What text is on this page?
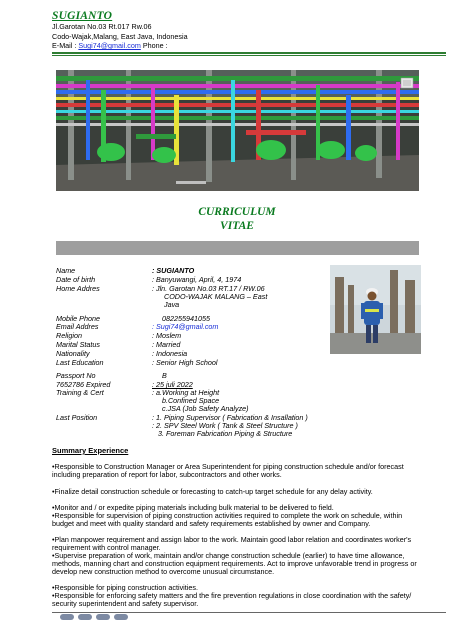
SUGIANTO
Jl.Garotan No.03 Rt.017 Rw.06
Codo-Wajak,Malang, East Java, Indonesia
E-Mail : Sugi74@gmail.com Phone :
CURRICULUM
VITAE
Name	: SUGIANTO
Date of birth	: Banyuwangi, April, 4, 1974
Home Addres	: Jln. Garotan No.03 RT.17 / RW.06
CODO-WAJAK MALANG – East
Java
Mobile Phone	082255941055
Email Addres	: Sugi74@gmail.com
Religion	: Moslem
Marital Status	: Married
Nationality	: Indonesia
Last Education	: Senior High School
Passport No	B
7652786 Expired	: 25 juli 2022
Training & Cert	: a.Working at Height
b.Confined Space
c.JSA (Job Safety Analyze)
Last Position	: 1. Piping Supervisor ( Fabrication & Insallation )
: 2. SPV Steel Work ( Tank & Steel Structure )
3. Foreman Fabrication Piping & Structure
Summary Experience
•Responsible to Construction Manager or Area Superintendent for piping construction schedule and/or forecast including preparation of report for labor, subcontractors and other works.
•Finalize detail construction schedule or forecasting to catch-up target schedule for any delay activity.
•Monitor and / or expedite piping materials including bulk material to be delivered to field.
•Responsible for supervision of piping construction activities required to complete the work on schedule, within budget and meet with quality standard and safety requirements established by owner and Company.
•Plan manpower requirement and assign labor to the work. Maintain good labor relation and coordinates worker's requirement with control manager.
•Supervise preparation of work, maintain and/or change construction schedule (earlier) to have time allowance, methods, manning chart and construction equipment requirements. Act to improve unfavorable trend in progress or develop new construction method to overcome unusual circumstance.
•Responsible for piping construction activities.
•Responsible for enforcing safety matters and the fire prevention regulations in close coordination with the safety/ security superintendent and safety supervisor.
